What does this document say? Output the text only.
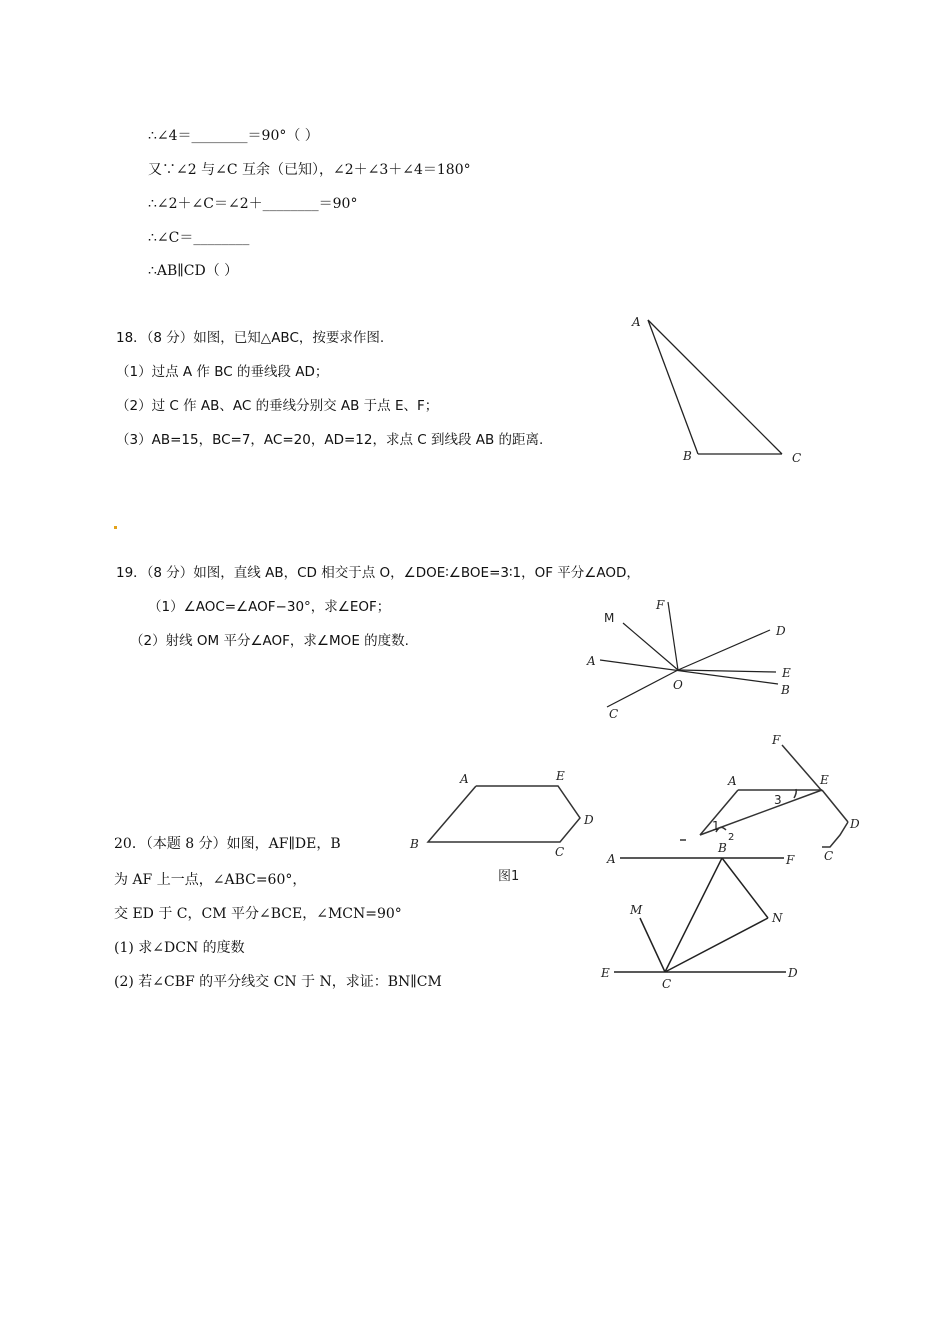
∴∠4＝________＝90°（ ）
又∵∠2 与∠C 互余（已知），∠2＋∠3＋∠4＝180°
∴∠2＋∠C＝∠2＋________＝90°
∴∠C＝________
∴AB∥CD（ ）
18．（8 分）如图，已知△ABC，按要求作图.
（1）过点 A 作 BC 的垂线段 AD；
（2）过 C 作 AB、AC 的垂线分别交 AB 于点 E、F；
（3）AB=15，BC=7，AC=20，AD=12，求点 C 到线段 AB 的距离.
A
B	C
19．（8 分）如图，直线 AB，CD 相交于点 O，∠DOE∶∠BOE=3∶1，OF 平分∠AOD，
（1）∠AOC=∠AOF−30°，求∠EOF；
（2）射线 OM 平分∠AOF，求∠MOE 的度数.
M
F
D
A
E
O	B
C
20．（本题 8 分）如图，AF∥DE，B
为 AF 上一点，∠ABC=60°，
交 ED 于 C，CM 平分∠BCE，∠MCN=90°
(1) 求∠DCN 的度数
(2) 若∠CBF 的平分线交 CN 于 N，求证：BN∥CM
A	E
D
B
C
图1
F
A	E
D
C
3
1
2
A
B
F
M
N
E
C
D
